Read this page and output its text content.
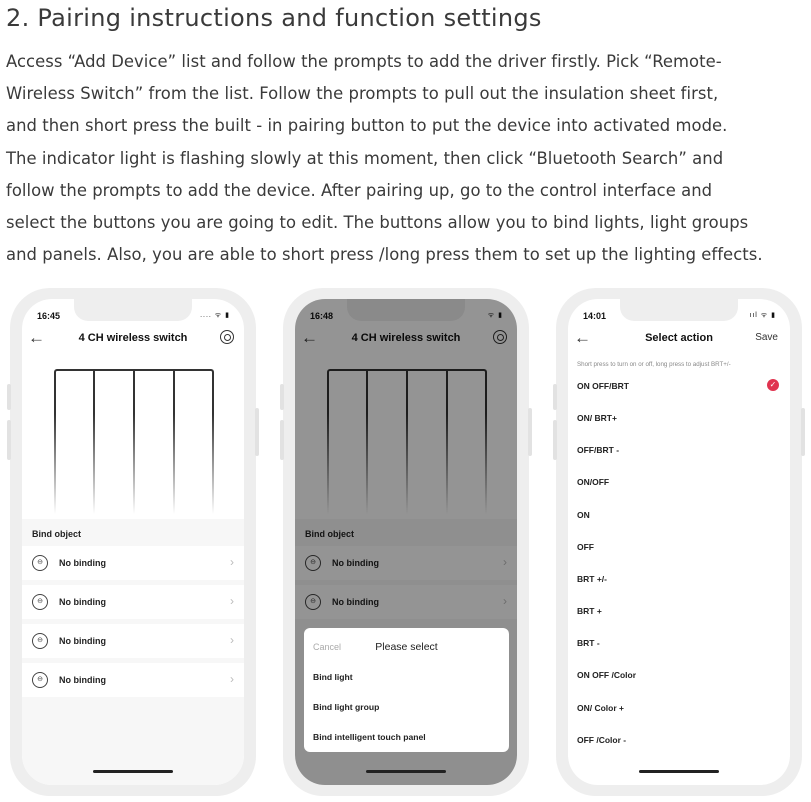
2. Pairing instructions and function settings
Access “Add Device” list and follow the prompts to add the driver firstly. Pick “Remote-
Wireless Switch” from the list. Follow the prompts to pull out the insulation sheet first,
and then short press the built - in pairing button to put the device into activated mode.
The indicator light is flashing slowly at this moment, then click “Bluetooth Search” and
follow the prompts to add the device. After pairing up, go to the control interface and
select the buttons you are going to edit. The buttons allow you to bind lights, light groups
and panels. Also, you are able to short press /long press them to set up the lighting effects.
16:45	.... ᯤ ▮
←	4 CH wireless switch
Bind object
⊖	No binding	›
⊖	No binding	›
⊖	No binding	›
⊖	No binding	›
16:48	ᯤ ▮
←	4 CH wireless switch
Bind object
⊖	No binding	›
⊖	No binding	›
Cancel	Please select
Bind light
Bind light group
Bind intelligent touch panel
14:01	ııl ᯤ ▮
←	Select action	Save
Short press to turn on or off, long press to adjust BRT+/-
ON OFF/BRT	✓
ON/ BRT+
OFF/BRT -
ON/OFF
ON
OFF
BRT +/-
BRT +
BRT -
ON OFF /Color
ON/ Color +
OFF /Color -
